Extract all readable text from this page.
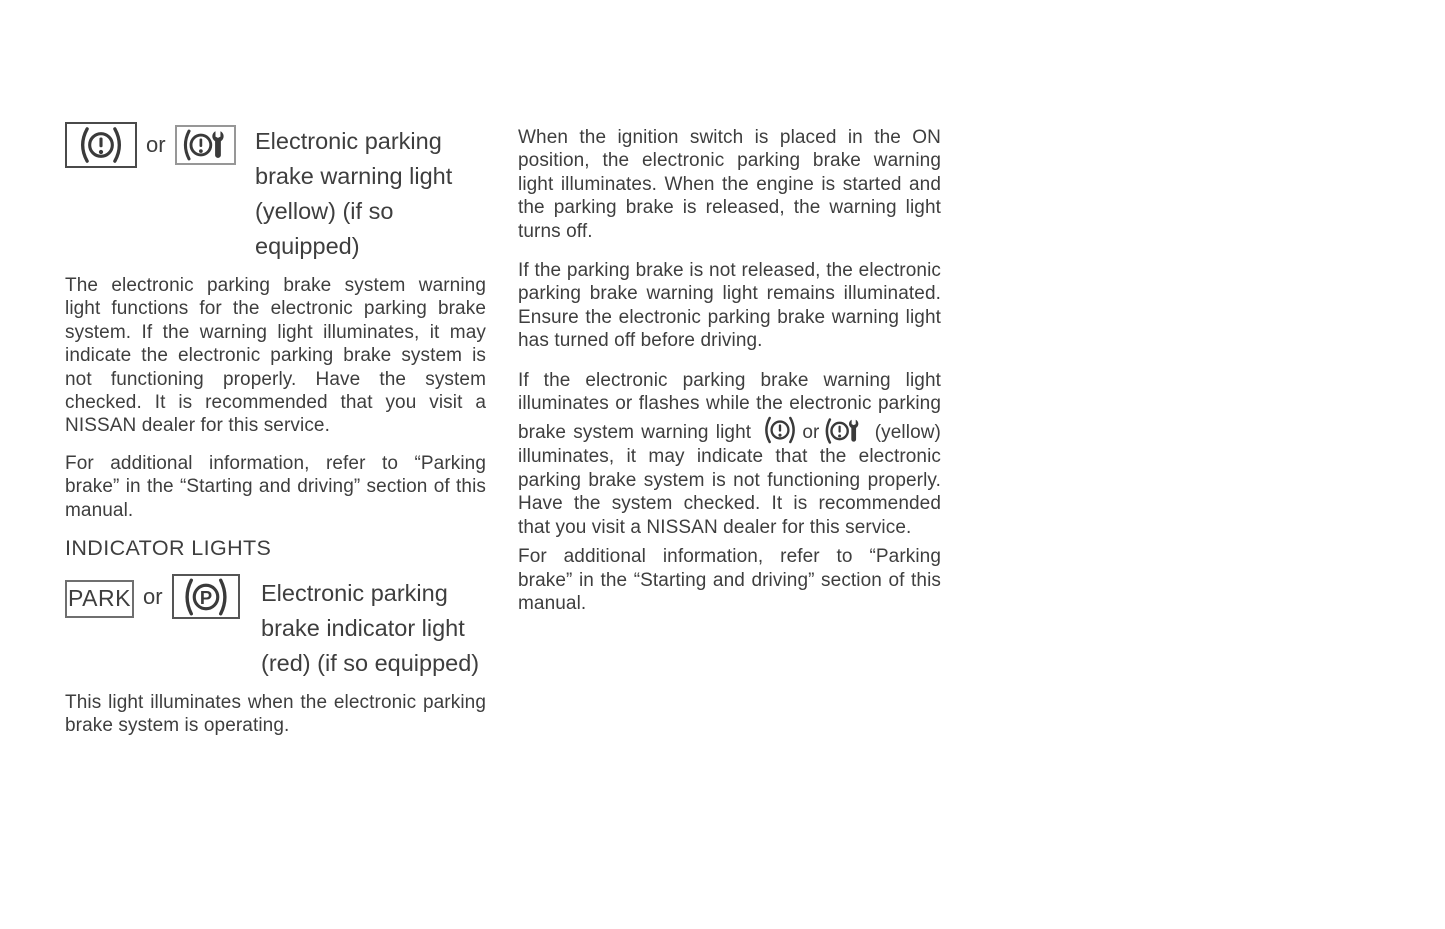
or	Electronic parking brake warning light (yellow) (if so equipped)

The electronic parking brake system warning light functions for the electronic parking brake system. If the warning light illuminates, it may indicate the electronic parking brake system is not functioning properly. Have the system checked. It is recommended that you visit a NISSAN dealer for this service.

For additional information, refer to “Parking brake” in the “Starting and driving” section of this manual.

INDICATOR LIGHTS
PARK or P Electronic parking brake indicator light (red) (if so equipped)

This light illuminates when the electronic parking brake system is operating.

When the ignition switch is placed in the ON position, the electronic parking brake warning light illuminates. When the engine is started and the parking brake is released, the warning light turns off.

If the parking brake is not released, the electronic parking brake warning light remains illuminated. Ensure the electronic parking brake warning light has turned off before driving.

If the electronic parking brake warning light illuminates or flashes while the electronic parking brake system warning light or	(yellow) illuminates, it may indicate that the electronic parking brake system is not functioning properly. Have the system checked. It is recommended that you visit a NISSAN dealer for this service.

For additional information, refer to “Parking brake” in the “Starting and driving” section of this manual.
